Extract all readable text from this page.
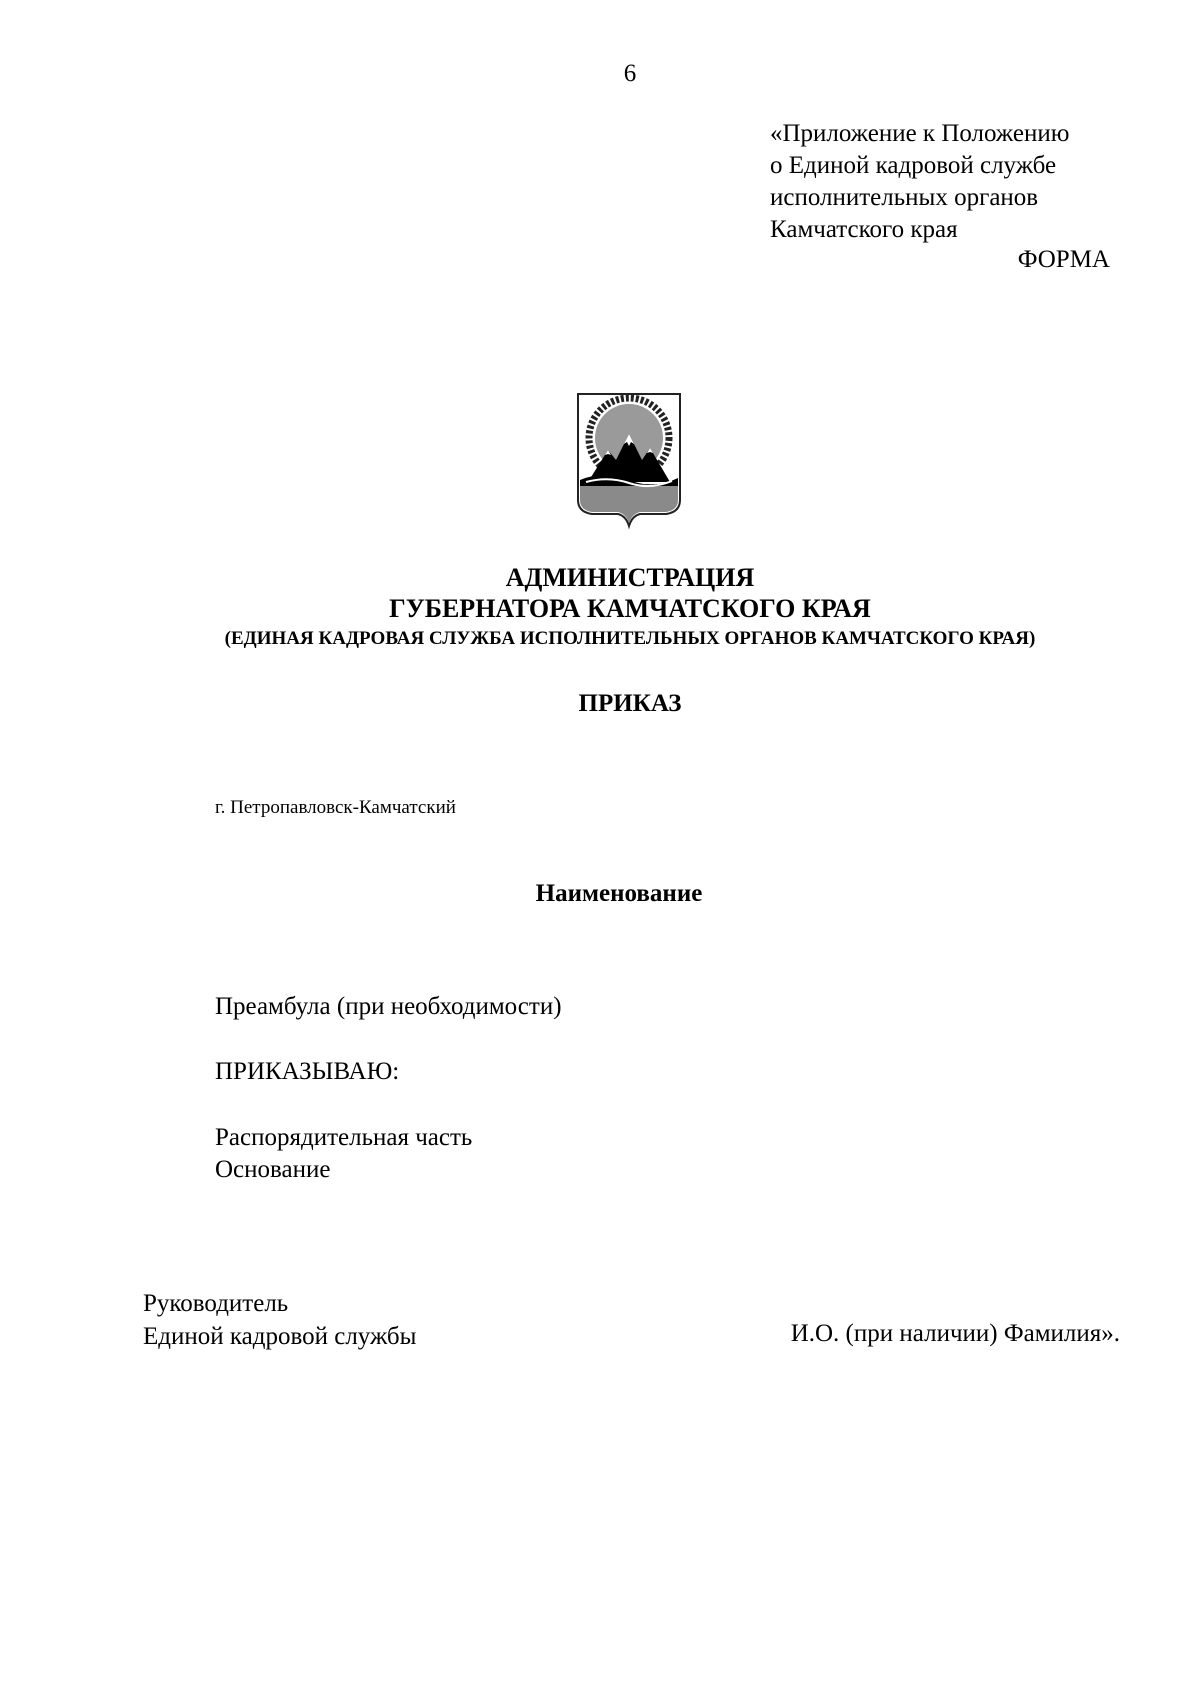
6
«Приложение к Положению
о Единой кадровой службе
исполнительных органов
Камчатского края
ФОРМА
АДМИНИСТРАЦИЯ
ГУБЕРНАТОРА КАМЧАТСКОГО КРАЯ
(ЕДИНАЯ КАДРОВАЯ СЛУЖБА ИСПОЛНИТЕЛЬНЫХ ОРГАНОВ КАМЧАТСКОГО КРАЯ)
ПРИКАЗ
г. Петропавловск-Камчатский
Наименование
Преамбула (при необходимости)
ПРИКАЗЫВАЮ:
Распорядительная часть
Основание
Руководитель
Единой кадровой службы	И.О. (при наличии) Фамилия».
